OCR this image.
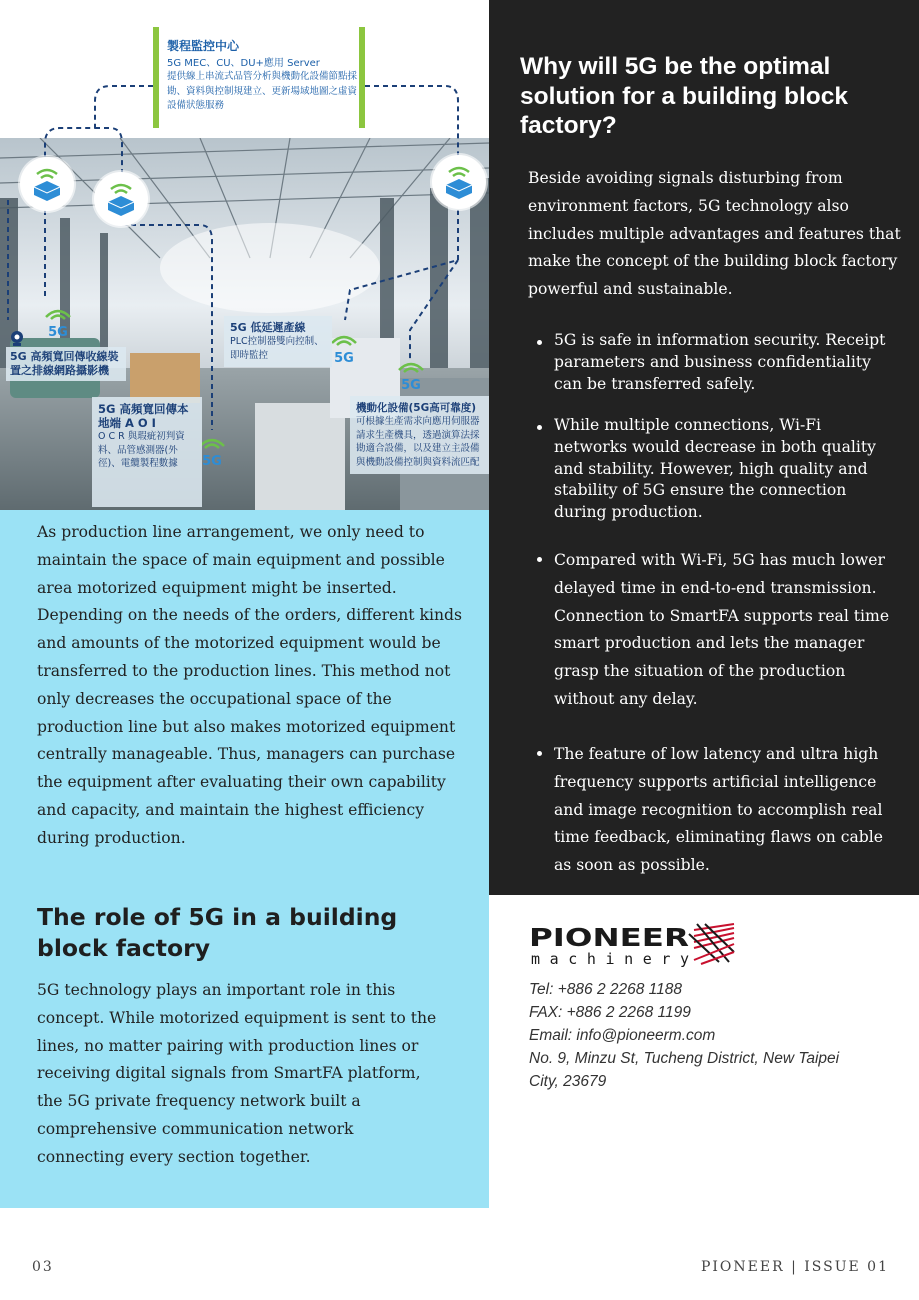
製程監控中心
5G MEC、CU、DU+應用 Server
提供線上串流式品管分析與機動化設備節點採勘、資料與控制規建立、更新場域地圖之虛資設備狀態服務
5G
5G
5G
5G
5G 高頻寬回傳收線裝置之排線網路攝影機
5G 高頻寬回傳本地端 A O I
O C R 與瑕疵初判資料、品管感測器(外徑)、電纜製程數據
5G 低延遲產線
PLC控制器雙向控制、即時監控
機動化設備(5G高可靠度)
可根據生產需求向應用伺服器請求生產機具，透過演算法採勘適合設備，以及建立主設備與機動設備控制與資料流匹配
As production line arrangement, we only need to maintain the space of main equipment and possible area motorized equipment might be inserted. Depending on the needs of the orders, different kinds and amounts of the motorized equipment would be transferred to the production lines. This method not only decreases the occupational space of the production line but also makes motorized equipment centrally manageable. Thus, managers can purchase the equipment after evaluating their own capability and capacity, and maintain the highest efficiency during production.
The role of 5G in a building block factory
5G technology plays an important role in this concept. While motorized equipment is sent to the lines, no matter pairing with production lines or receiving digital signals from SmartFA platform, the 5G private frequency network built a comprehensive communication network connecting every section together.
Why will 5G be the optimal solution for a building block factory?
Beside avoiding signals disturbing from environment factors, 5G technology also includes multiple advantages and features that make the concept of the building block factory powerful and sustainable.
5G is safe in information security. Receipt parameters and business confidentiality can be transferred safely.
While multiple connections, Wi-Fi networks would decrease in both quality and stability. However, high quality and stability of 5G ensure the connection during production.
Compared with Wi-Fi, 5G has much lower delayed time in end-to-end transmission. Connection to SmartFA supports real time smart production and lets the manager grasp the situation of the production without any delay.
The feature of low latency and ultra high frequency supports artificial intelligence and image recognition to accomplish real time feedback, eliminating flaws on cable as soon as possible.
PIONEER
machinery
Tel: +886 2 2268 1188
FAX: +886 2 2268 1199
Email: info@pioneerm.com
No. 9, Minzu St, Tucheng District, New Taipei City, 23679
03	PIONEER | ISSUE 01
